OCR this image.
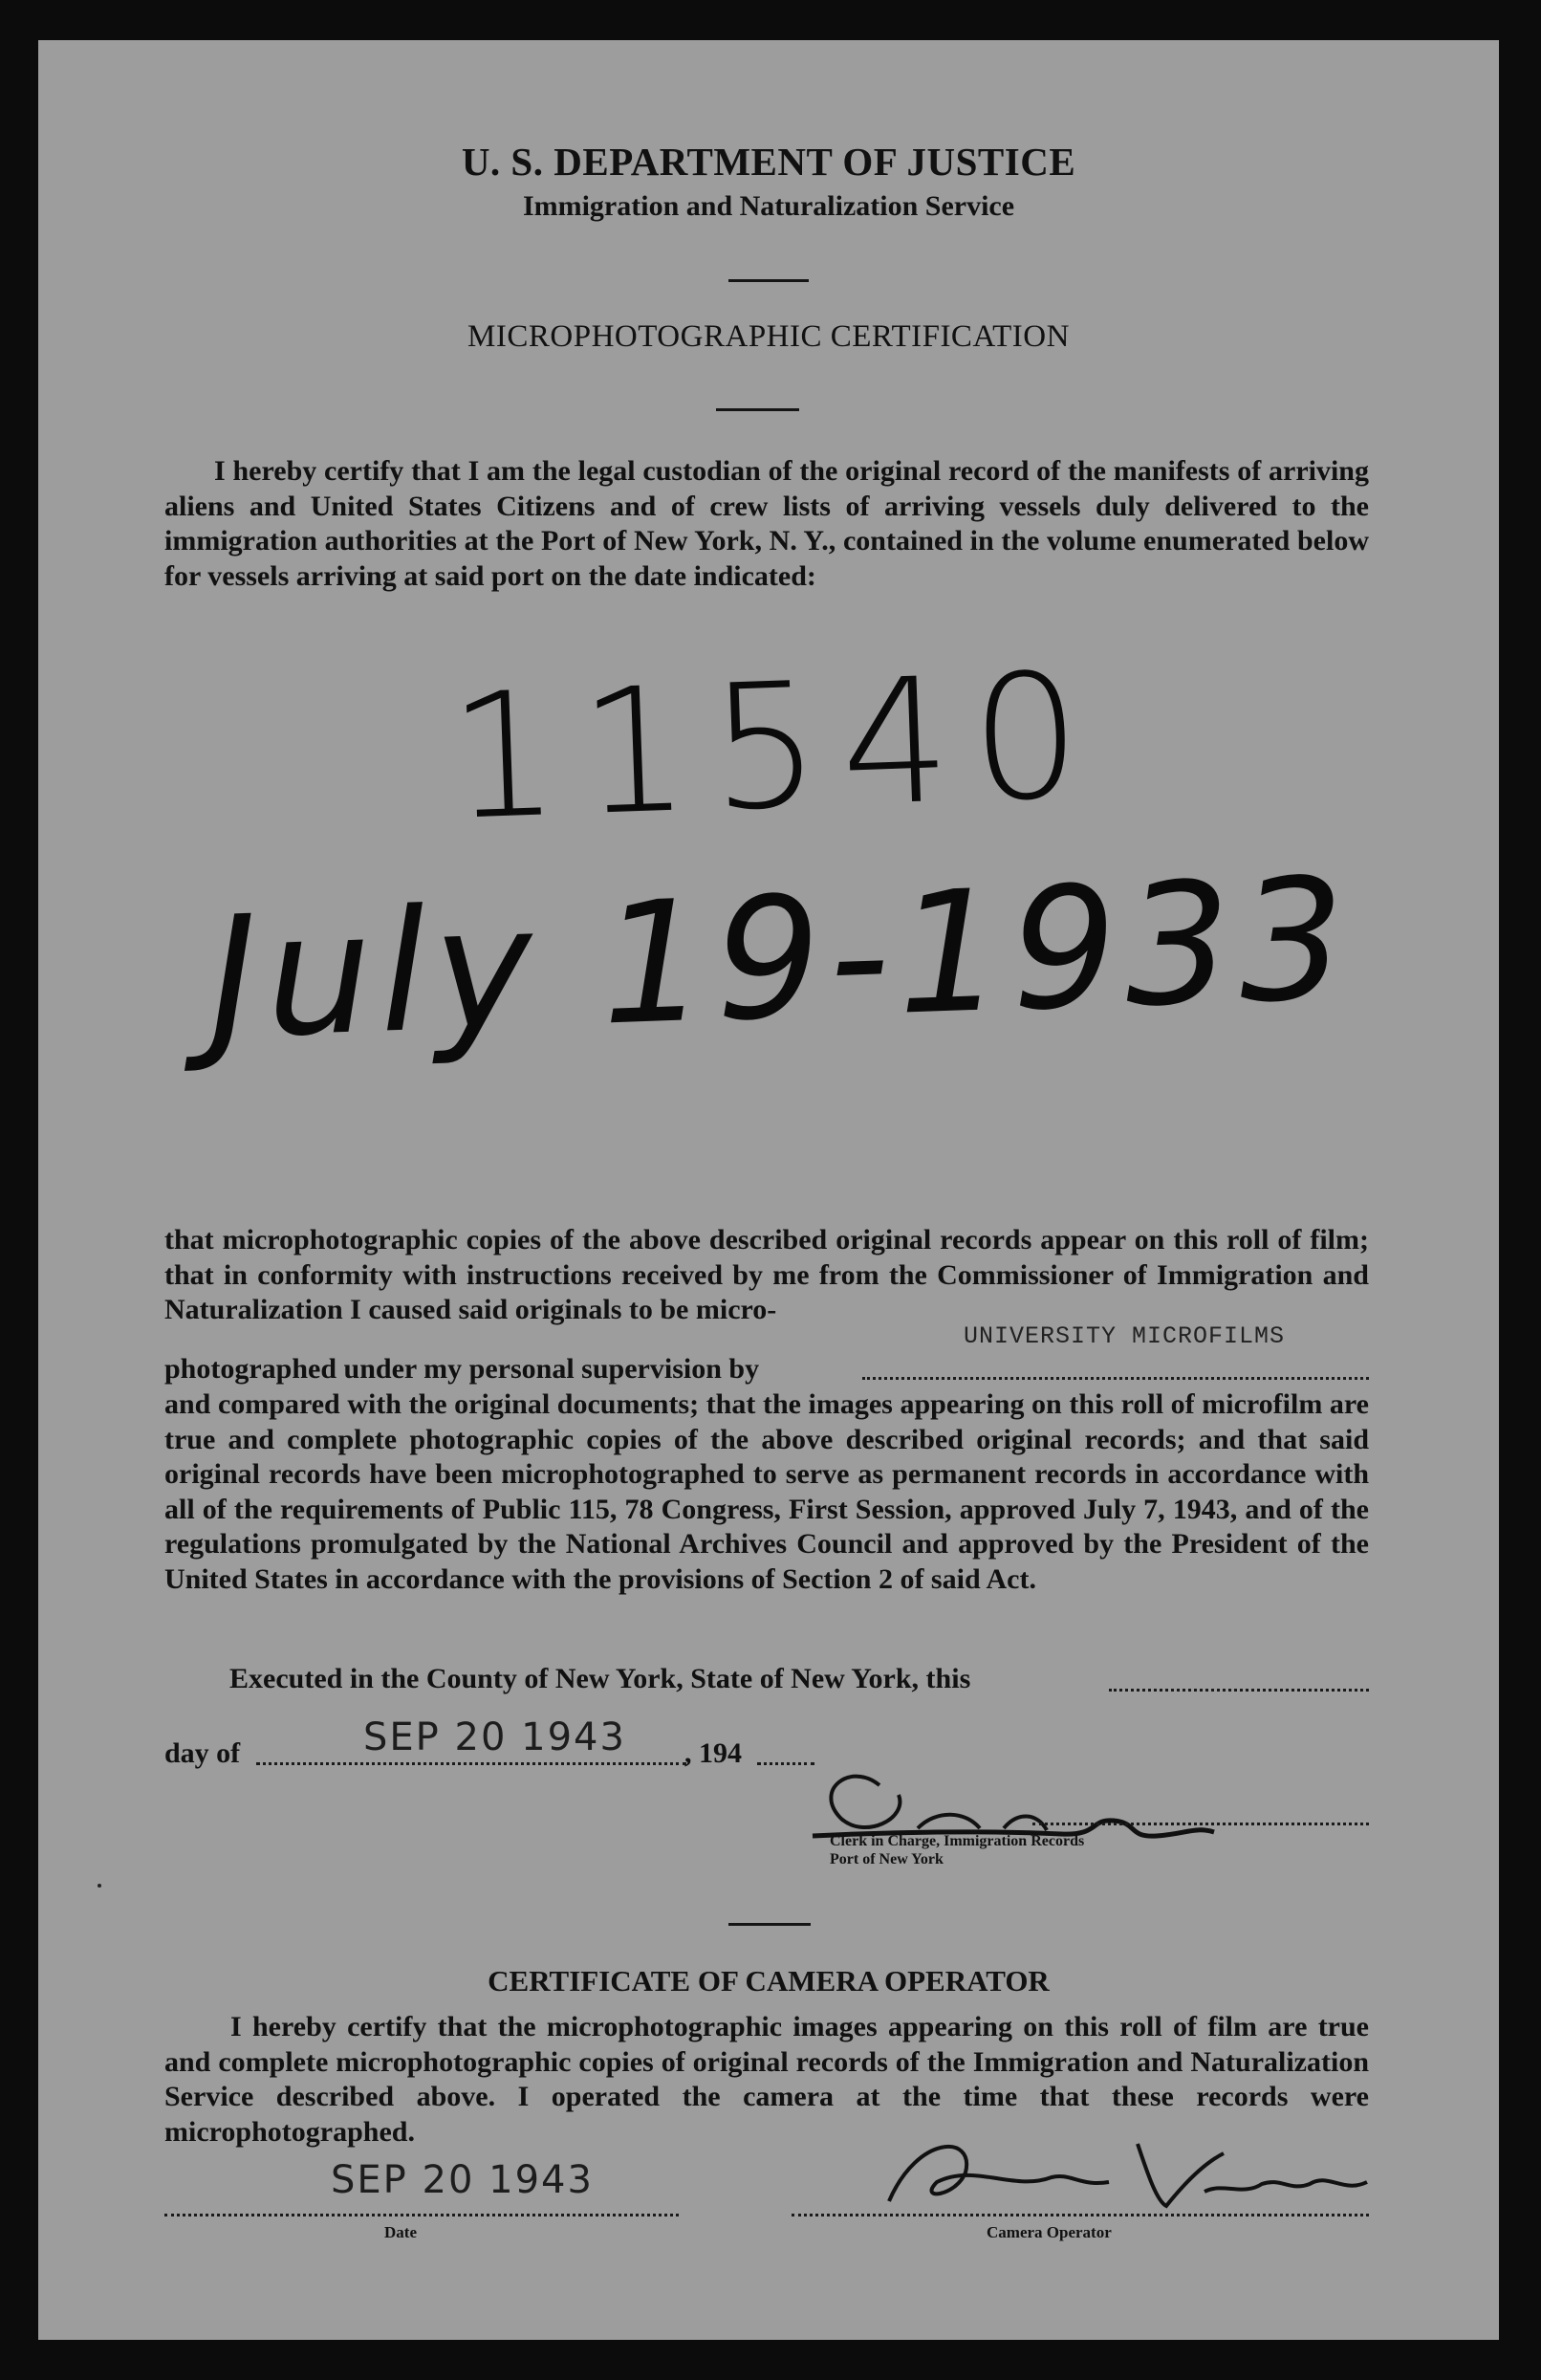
U. S. DEPARTMENT OF JUSTICE
Immigration and Naturalization Service
MICROPHOTOGRAPHIC CERTIFICATION
I hereby certify that I am the legal custodian of the original record of the manifests of arriving aliens and United States Citizens and of crew lists of arriving vessels duly delivered to the immigration authorities at the Port of New York, N. Y., contained in the volume enumerated below for vessels arriving at said port on the date indicated:
11540
July 19-1933
that microphotographic copies of the above described original records appear on this roll of film; that in conformity with instructions received by me from the Commissioner of Immigration and Naturalization I caused said originals to be micro-
UNIVERSITY MICROFILMS
photographed under my personal supervision by
and compared with the original documents; that the images appearing on this roll of microfilm are true and complete photographic copies of the above described original records; and that said original records have been microphotographed to serve as permanent records in accordance with all of the requirements of Public 115, 78 Congress, First Session, approved July 7, 1943, and of the regulations promulgated by the National Archives Council and approved by the President of the United States in accordance with the provisions of Section 2 of said Act.
Executed in the County of New York, State of New York, this
day of	SEP 20 1943 , 194
Clerk in Charge, Immigration Records
Port of New York
CERTIFICATE OF CAMERA OPERATOR
I hereby certify that the microphotographic images appearing on this roll of film are true and complete microphotographic copies of original records of the Immigration and Naturalization Service described above. I operated the camera at the time that these records were microphotographed.
SEP 20 1943
Date	Camera Operator
